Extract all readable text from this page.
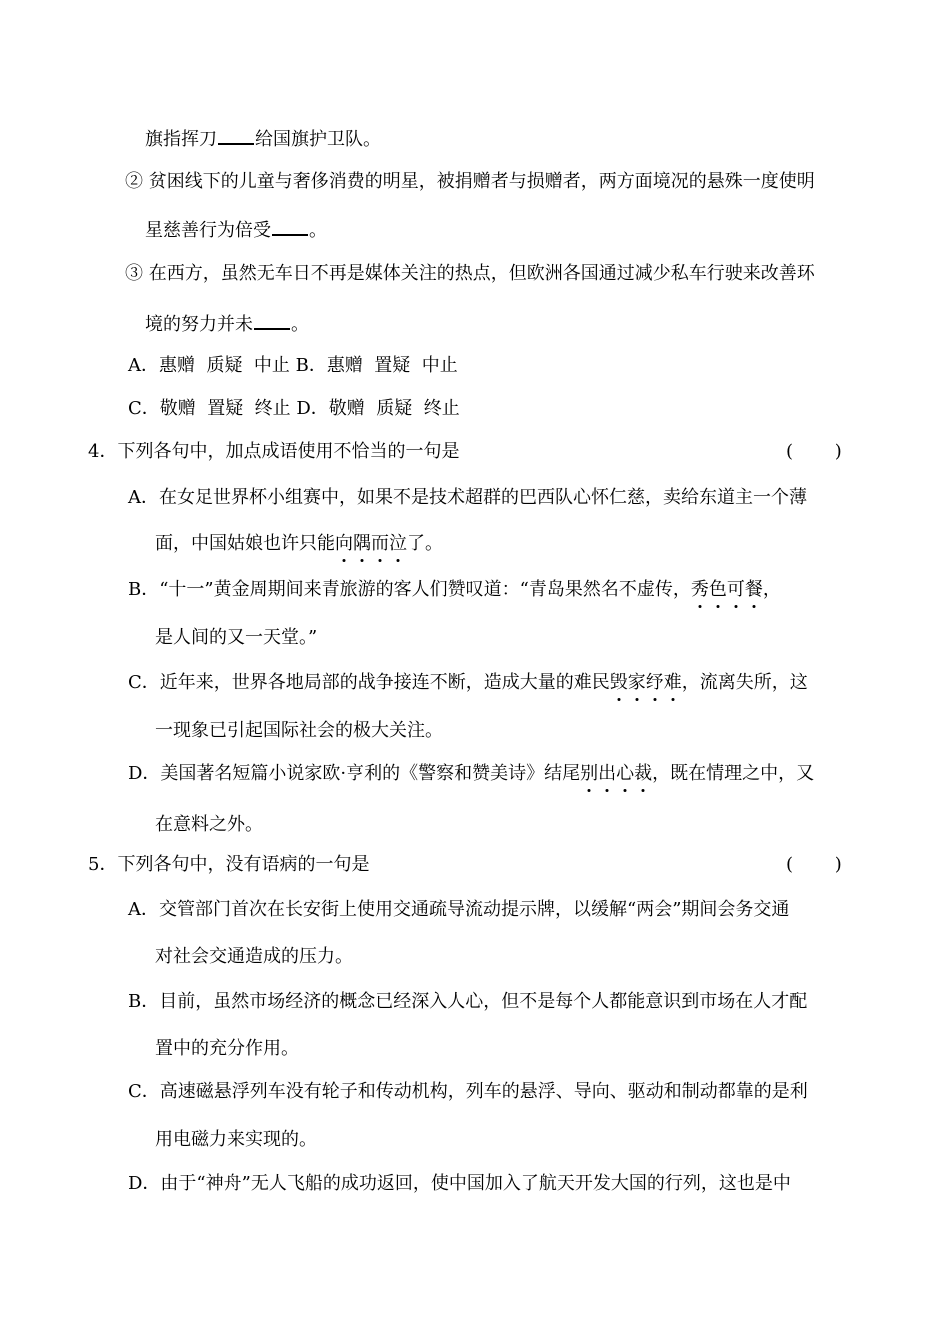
旗指挥刀 给国旗护卫队。
② 贫困线下的儿童与奢侈消费的明星，被捐赠者与损赠者，两方面境况的悬殊一度使明
星慈善行为倍受 。
③ 在西方，虽然无车日不再是媒体关注的热点，但欧洲各国通过减少私车行驶来改善环
境的努力并未 。
A．惠赠  质疑  中止 B．惠赠  置疑  中止
C．敬赠  置疑  终止 D．敬赠  质疑  终止
4．下列各句中，加点成语使用不恰当的一句是	( )
A．在女足世界杯小组赛中，如果不是技术超群的巴西队心怀仁慈，卖给东道主一个薄
面，中国姑娘也许只能向隅而泣了。
B．“十一”黄金周期间来青旅游的客人们赞叹道：“青岛果然名不虚传，秀色可餐，
是人间的又一天堂。”
C．近年来，世界各地局部的战争接连不断，造成大量的难民毁家纾难，流离失所，这
一现象已引起国际社会的极大关注。
D．美国著名短篇小说家欧·亨利的《警察和赞美诗》结尾别出心裁，既在情理之中，又
在意料之外。
5．下列各句中，没有语病的一句是	( )
A．交管部门首次在长安街上使用交通疏导流动提示牌，以缓解“两会”期间会务交通
对社会交通造成的压力。
B．目前，虽然市场经济的概念已经深入人心，但不是每个人都能意识到市场在人才配
置中的充分作用。
C．高速磁悬浮列车没有轮子和传动机构，列车的悬浮、导向、驱动和制动都靠的是利
用电磁力来实现的。
D．由于“神舟”无人飞船的成功返回，使中国加入了航天开发大国的行列，这也是中
